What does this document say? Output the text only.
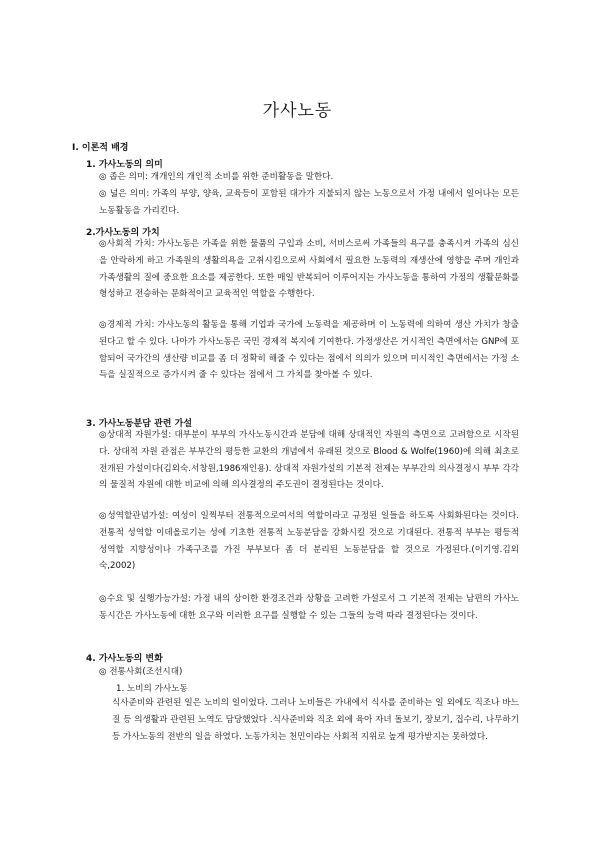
가사노동
Ⅰ. 이론적 배경
1. 가사노동의 의미
◎ 좁은 의미: 개개인의 개인적 소비를 위한 준비활동을 말한다.
◎ 넓은 의미: 가족의 부양, 양육, 교육등이 포함된 대가가 지불되지 않는 노동으로서 가정 내에서 일어나는 모든 노동활동을 가리킨다.
2.가사노동의 가치
◎사회적 가치: 가사노동은 가족을 위한 물품의 구입과 소비, 서비스로써 가족들의 욕구를 충족시켜 가족의 심신을 안락하게 하고 가족원의 생활의욕을 고취시킴으로써 사회에서 필요한 노동력의 재생산에 영향을 주며 개인과 가족생활의 질에 중요한 요소를 제공한다. 또한 매일 반복되어 이루어지는 가사노동을 통하여 가정의 생활문화를 형성하고 전승하는 문화적이고 교육적인 역할을 수행한다.
◎경제적 가치: 가사노동의 활동을 통해 기업과 국가에 노동력을 제공하며 이 노동력에 의하여 생산 가치가 창출된다고 할 수 있다. 나아가 가사노동은 국민 경제적 복지에 기여한다. 가정생산은 거시적인 측면에서는 GNP에 포함되어 국가간의 생산량 비교를 좀 더 정확히 해줄 수 있다는 점에서 의의가 있으며 미시적인 측면에서는 가정 소득을 실질적으로 증가시켜 줄 수 있다는 점에서 그 가치를 찾아볼 수 있다.
3. 가사노동분담 관련 가설
◎상대적 자원가설: 대부분이 부부의 가사노동시간과 분담에 대해 상대적인 자원의 측면으로 고려함으로 시작된다. 상대적 자원 관점은 부부간의 평등한 교환의 개념에서 유래된 것으로 Blood & Wolfe(1960)에 의해 최초로 전개된 가설이다(김외숙.서창원,1986재인용). 상대적 자원가설의 기본적 전제는 부부간의 의사결정시 부부 각각의 물질적 자원에 대한 비교에 의해 의사결정의 주도권이 결정된다는 것이다.
◎성역할관념가설: 여성이 일찍부터 전통적으로여서의 역할이라고 규정된 일들을 하도록 사회화된다는 것이다. 전통적 성역할 이데올로기는 성에 기초한 전통적 노동분담을 강화시킬 것으로 기대된다. 전통적 부부는 평등적 성역할 지향성이나 가족구조를 가진 부부보다 좀 더 분리된 노동분담을 할 것으로 가정된다.(이기영.김외숙,2002)
◎수요 및 실행가능가설: 가정 내의 상이한 환경조건과 상황을 고려한 가설로서 그 기본적 전제는 남편의 가사노동시간은 가사노동에 대한 요구와 이러한 요구를 실행할 수 있는 그들의 능력 따라 결정된다는 것이다.
4. 가사노동의 변화
◎ 전통사회(조선시대)
1. 노비의 가사노동
식사준비와 관련된 일은 노비의 일이었다. 그러나 노비들은 가내에서 식사를 준비하는 일 외에도 직조나 바느질 등 의생활과 관련된 노역도 담당했었다 .식사준비와 직조 외에 육아 자녀 돌보기, 장보기, 집수리, 나무하기등 가사노동의 전반의 일을 하였다. 노동가치는 천민이라는 사회적 지위로 높게 평가받지는 못하였다.
